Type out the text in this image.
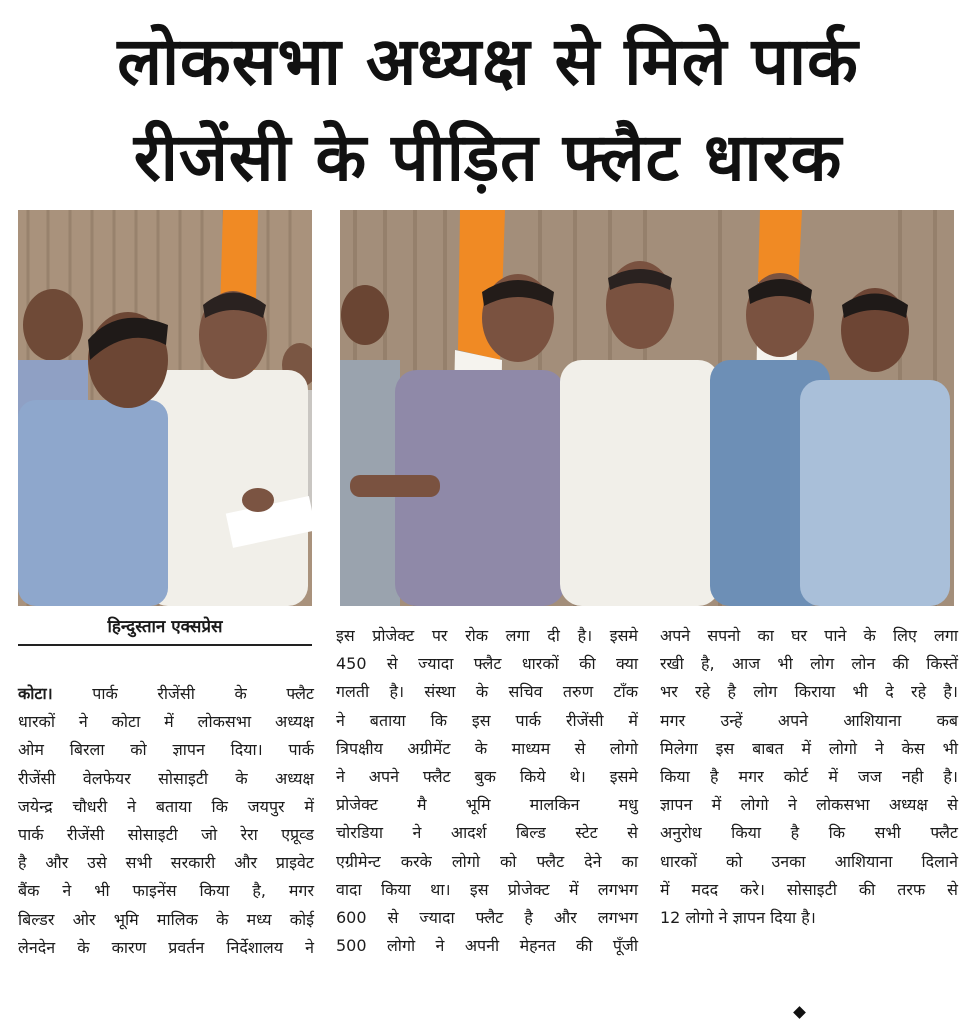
लोकसभा अध्यक्ष से मिले पार्क
रीजेंसी के पीड़ित फ्लैट धारक
हिन्दुस्तान एक्सप्रेस
कोटा। पार्क रीजेंसी के फ्लैट
धारकों ने कोटा में लोकसभा अध्यक्ष
ओम बिरला को ज्ञापन दिया। पार्क
रीजेंसी वेलफेयर सोसाइटी के अध्यक्ष
जयेन्द्र चौधरी ने बताया कि जयपुर में
पार्क रीजेंसी सोसाइटी जो रेरा एप्रूव्ड
है और उसे सभी सरकारी और प्राइवेट
बैंक ने भी फाइनेंस किया है, मगर
बिल्डर ओर भूमि मालिक के मध्य कोई
लेनदेन के कारण प्रवर्तन निर्देशालय ने
इस प्रोजेक्ट पर रोक लगा दी है। इसमे
450 से ज्यादा फ्लैट धारकों की क्या
गलती है। संस्था के सचिव तरुण टाँक
ने बताया कि इस पार्क रीजेंसी में
त्रिपक्षीय अग्रीमेंट के माध्यम से लोगो
ने अपने फ्लैट बुक किये थे। इसमे
प्रोजेक्ट मै भूमि मालकिन मधु
चोरडिया ने आदर्श बिल्ड स्टेट से
एग्रीमेन्ट करके लोगो को फ्लैट देने का
वादा किया था। इस प्रोजेक्ट में लगभग
600 से ज्यादा फ्लैट है और लगभग
500 लोगो ने अपनी मेहनत की पूँजी
अपने सपनो का घर पाने के लिए लगा
रखी है, आज भी लोग लोन की किस्तें
भर रहे है लोग किराया भी दे रहे है।
मगर उन्हें अपने आशियाना कब
मिलेगा इस बाबत में लोगो ने केस भी
किया है मगर कोर्ट में जज नही है।
ज्ञापन में लोगो ने लोकसभा अध्यक्ष से
अनुरोध किया है कि सभी फ्लैट
धारकों को उनका आशियाना दिलाने
में मदद करे। सोसाइटी की तरफ से
12 लोगो ने ज्ञापन दिया है।
